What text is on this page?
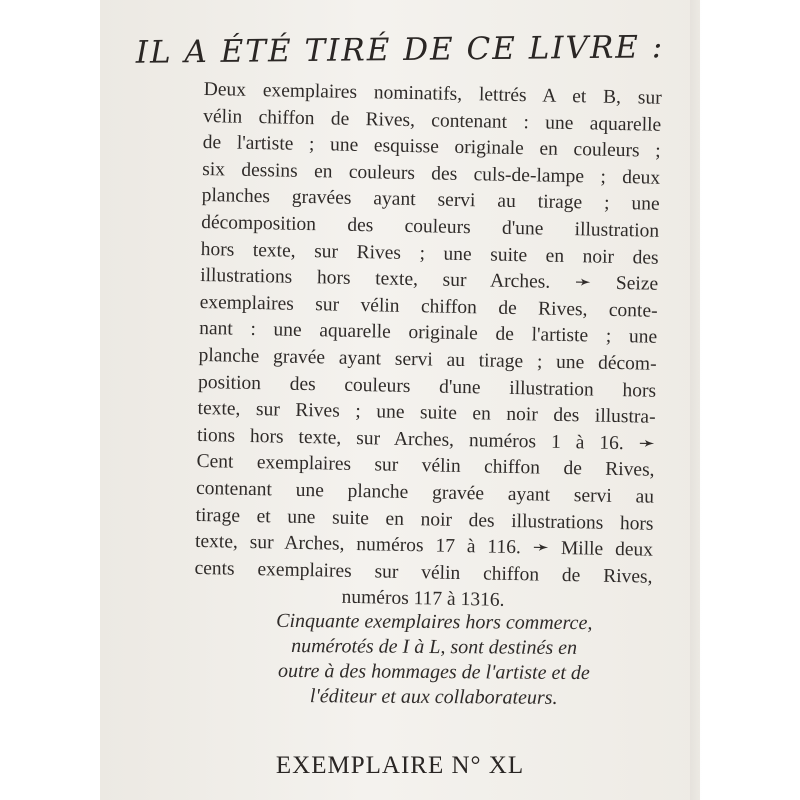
IL A ÉTÉ TIRÉ DE CE LIVRE :
Deux exemplaires nominatifs, lettrés A et B, sur
vélin chiffon de Rives, contenant : une aquarelle
de l'artiste ; une esquisse originale en couleurs ;
six dessins en couleurs des culs-de-lampe ; deux
planches gravées ayant servi au tirage ; une
décomposition des couleurs d'une illustration
hors texte, sur Rives ; une suite en noir des
illustrations hors texte, sur Arches. ➛ Seize
exemplaires sur vélin chiffon de Rives, conte-
nant : une aquarelle originale de l'artiste ; une
planche gravée ayant servi au tirage ; une décom-
position des couleurs d'une illustration hors
texte, sur Rives ; une suite en noir des illustra-
tions hors texte, sur Arches, numéros 1 à 16. ➛
Cent exemplaires sur vélin chiffon de Rives,
contenant une planche gravée ayant servi au
tirage et une suite en noir des illustrations hors
texte, sur Arches, numéros 17 à 116. ➛ Mille deux
cents exemplaires sur vélin chiffon de Rives,
numéros 117 à 1316.
Cinquante exemplaires hors commerce,
numérotés de I à L, sont destinés en
outre à des hommages de l'artiste et de
l'éditeur et aux collaborateurs.
EXEMPLAIRE N° XL
